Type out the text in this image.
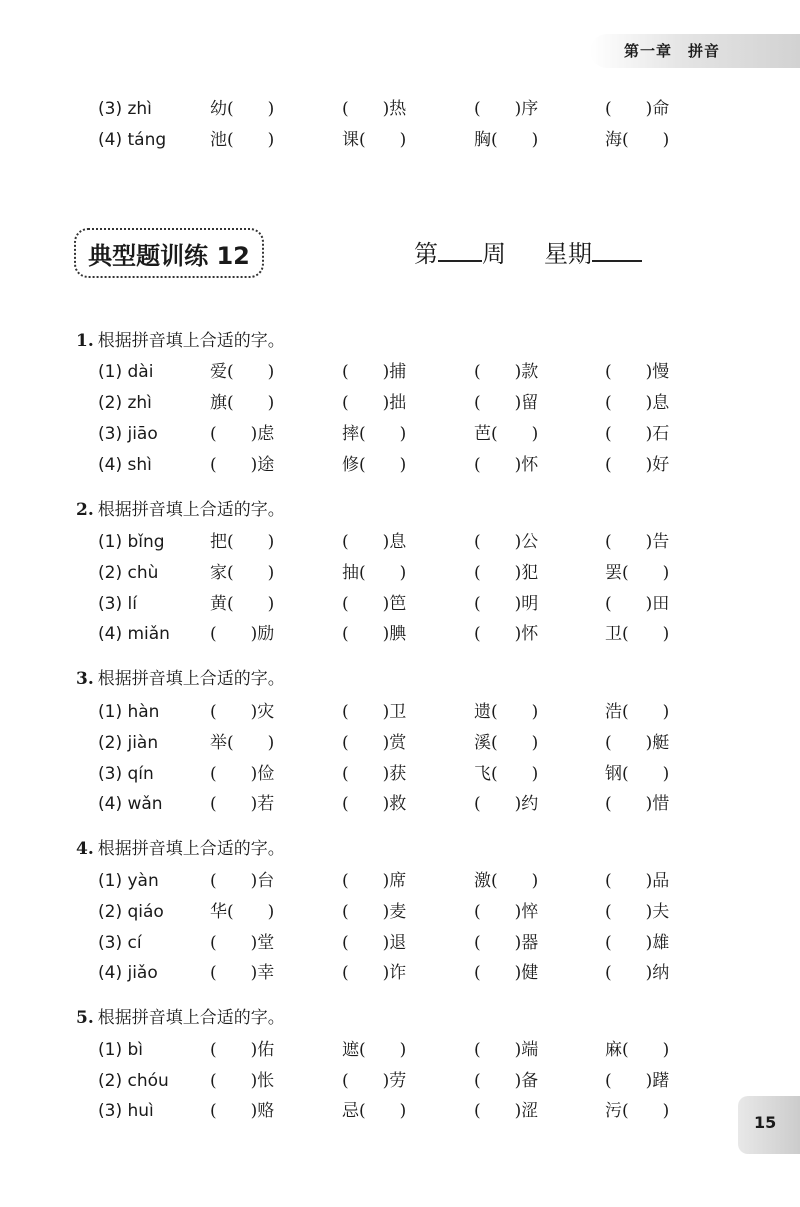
第一章　拼音
(3) zhì	幼(　　)	(　　)热	(　　)序	(　　)命
(4) táng	池(　　)	课(　　)	胸(　　)	海(　　)
典型题训练 12	第 周 星期
1. 根据拼音填上合适的字。
(1) dài	爱(　　)	(　　)捕	(　　)款	(　　)慢
(2) zhì	旗(　　)	(　　)拙	(　　)留	(　　)息
(3) jiāo	(　　)虑	摔(　　)	芭(　　)	(　　)石
(4) shì	(　　)途	修(　　)	(　　)怀	(　　)好
2. 根据拼音填上合适的字。
(1) bǐng	把(　　)	(　　)息	(　　)公	(　　)告
(2) chù	家(　　)	抽(　　)	(　　)犯	罢(　　)
(3) lí	黄(　　)	(　　)笆	(　　)明	(　　)田
(4) miǎn (　　)励	(　　)腆	(　　)怀	卫(　　)
3. 根据拼音填上合适的字。
(1) hàn	(　　)灾	(　　)卫	遗(　　)	浩(　　)
(2) jiàn	举(　　)	(　　)赏	溪(　　)	(　　)艇
(3) qín	(　　)俭	(　　)获	飞(　　)	钢(　　)
(4) wǎn	(　　)若	(　　)救	(　　)约	(　　)惜
4. 根据拼音填上合适的字。
(1) yàn	(　　)台	(　　)席	激(　　)	(　　)品
(2) qiáo	华(　　)	(　　)麦	(　　)悴	(　　)夫
(3) cí	(　　)堂	(　　)退	(　　)器	(　　)雄
(4) jiǎo	(　　)幸	(　　)诈	(　　)健	(　　)纳
5. 根据拼音填上合适的字。
(1) bì	(　　)佑	遮(　　)	(　　)端	麻(　　)
(2) chóu (　　)怅	(　　)劳	(　　)备	(　　)躇
(3) huì	(　　)赂	忌(　　)	(　　)涩	污(　　)
15
